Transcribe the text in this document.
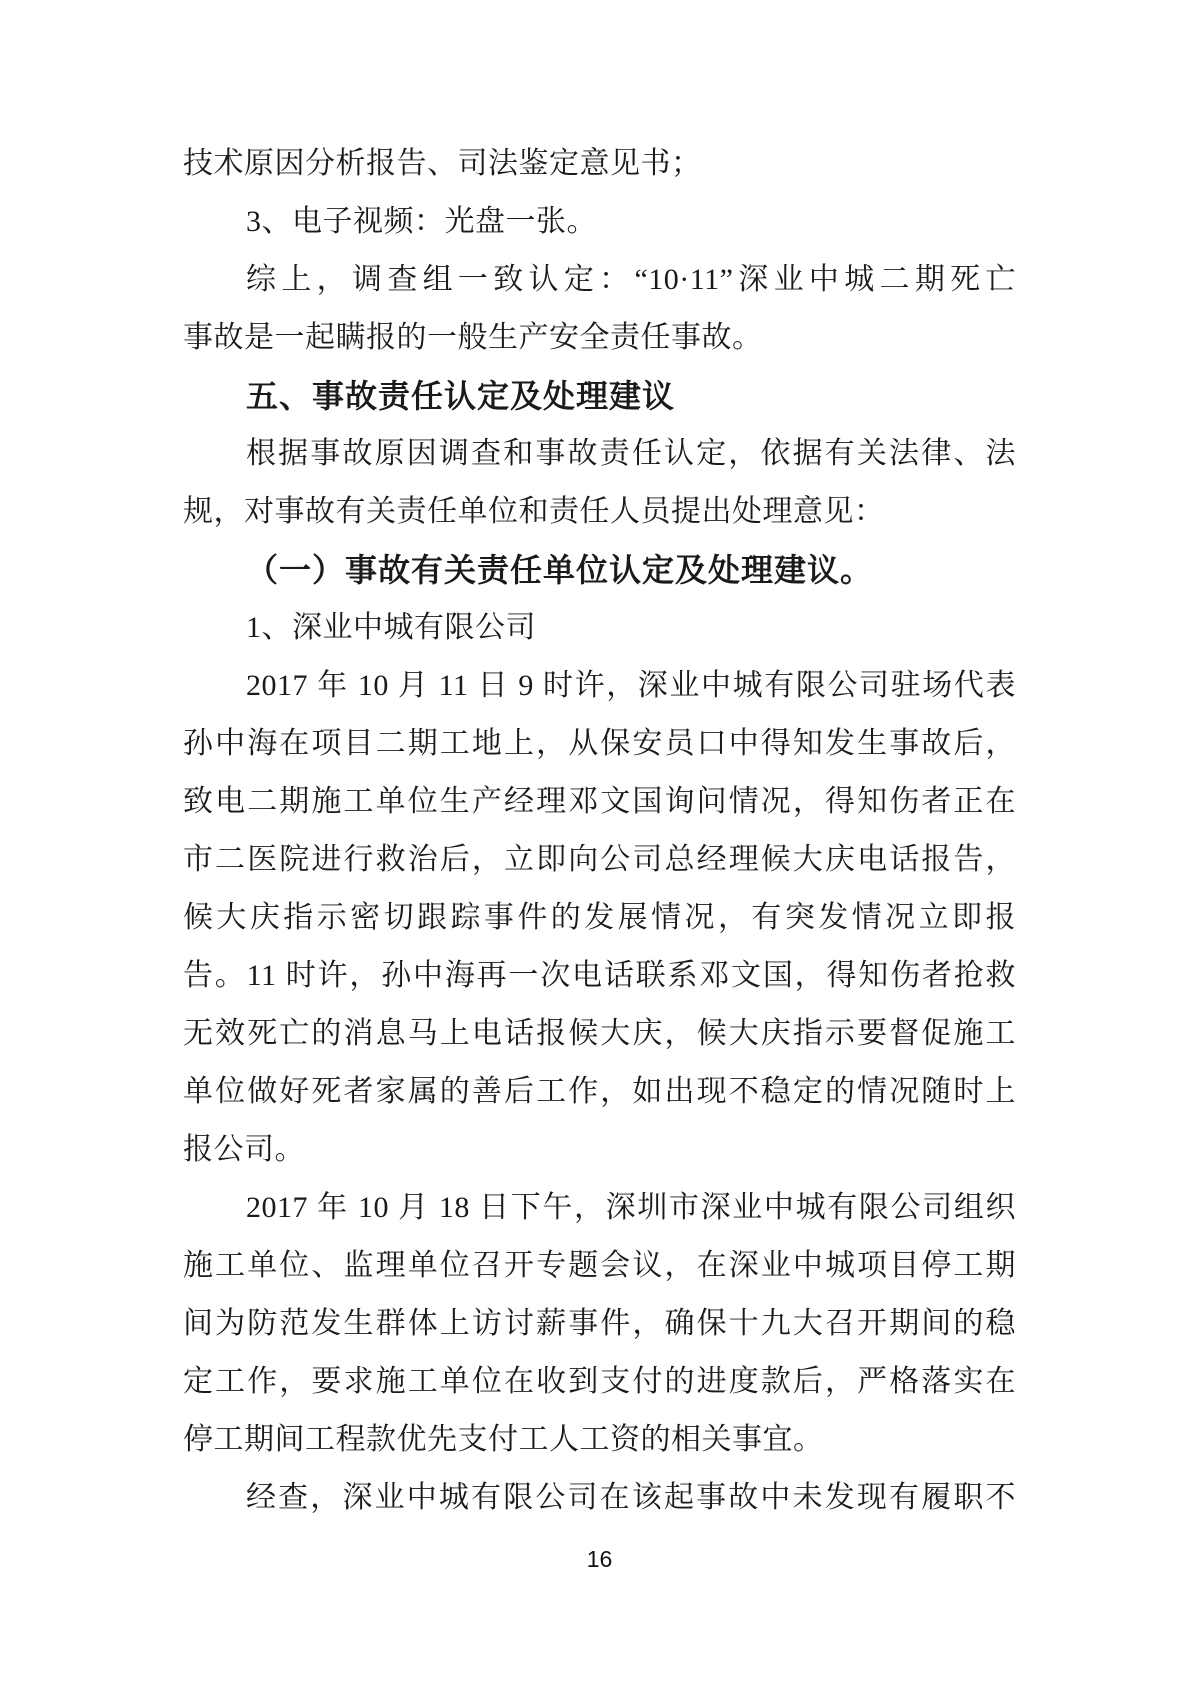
技术原因分析报告、司法鉴定意见书；
3、电子视频：光盘一张。
综上，调查组一致认定：“10·11”深业中城二期死亡
事故是一起瞒报的一般生产安全责任事故。
五、事故责任认定及处理建议
根据事故原因调查和事故责任认定，依据有关法律、法
规，对事故有关责任单位和责任人员提出处理意见：
（一）事故有关责任单位认定及处理建议。
1、深业中城有限公司
2017 年 10 月 11 日 9 时许，深业中城有限公司驻场代表
孙中海在项目二期工地上，从保安员口中得知发生事故后，
致电二期施工单位生产经理邓文国询问情况，得知伤者正在
市二医院进行救治后，立即向公司总经理候大庆电话报告，
候大庆指示密切跟踪事件的发展情况，有突发情况立即报
告。11 时许，孙中海再一次电话联系邓文国，得知伤者抢救
无效死亡的消息马上电话报候大庆，候大庆指示要督促施工
单位做好死者家属的善后工作，如出现不稳定的情况随时上
报公司。
2017 年 10 月 18 日下午，深圳市深业中城有限公司组织
施工单位、监理单位召开专题会议，在深业中城项目停工期
间为防范发生群体上访讨薪事件，确保十九大召开期间的稳
定工作，要求施工单位在收到支付的进度款后，严格落实在
停工期间工程款优先支付工人工资的相关事宜。
经查，深业中城有限公司在该起事故中未发现有履职不
16
